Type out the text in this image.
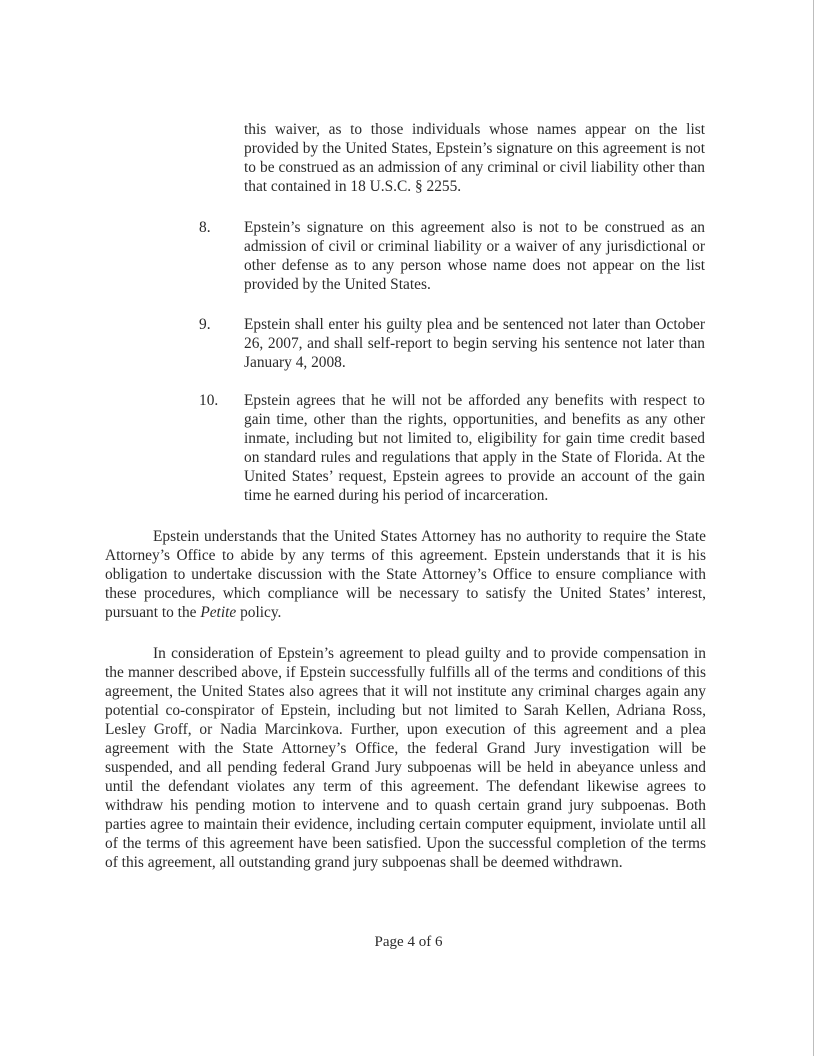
this waiver, as to those individuals whose names appear on the list provided by the United States, Epstein’s signature on this agreement is not to be construed as an admission of any criminal or civil liability other than that contained in 18 U.S.C. § 2255.
8.	Epstein’s signature on this agreement also is not to be construed as an admission of civil or criminal liability or a waiver of any jurisdictional or other defense as to any person whose name does not appear on the list provided by the United States.
9.	Epstein shall enter his guilty plea and be sentenced not later than October 26, 2007, and shall self-report to begin serving his sentence not later than January 4, 2008.
10.	Epstein agrees that he will not be afforded any benefits with respect to gain time, other than the rights, opportunities, and benefits as any other inmate, including but not limited to, eligibility for gain time credit based on standard rules and regulations that apply in the State of Florida. At the United States’ request, Epstein agrees to provide an account of the gain time he earned during his period of incarceration.
Epstein understands that the United States Attorney has no authority to require the State Attorney’s Office to abide by any terms of this agreement. Epstein understands that it is his obligation to undertake discussion with the State Attorney’s Office to ensure compliance with these procedures, which compliance will be necessary to satisfy the United States’ interest, pursuant to the Petite policy.
In consideration of Epstein’s agreement to plead guilty and to provide compensation in the manner described above, if Epstein successfully fulfills all of the terms and conditions of this agreement, the United States also agrees that it will not institute any criminal charges again any potential co-conspirator of Epstein, including but not limited to Sarah Kellen, Adriana Ross, Lesley Groff, or Nadia Marcinkova. Further, upon execution of this agreement and a plea agreement with the State Attorney’s Office, the federal Grand Jury investigation will be suspended, and all pending federal Grand Jury subpoenas will be held in abeyance unless and until the defendant violates any term of this agreement. The defendant likewise agrees to withdraw his pending motion to intervene and to quash certain grand jury subpoenas. Both parties agree to maintain their evidence, including certain computer equipment, inviolate until all of the terms of this agreement have been satisfied. Upon the successful completion of the terms of this agreement, all outstanding grand jury subpoenas shall be deemed withdrawn.
Page 4 of 6
